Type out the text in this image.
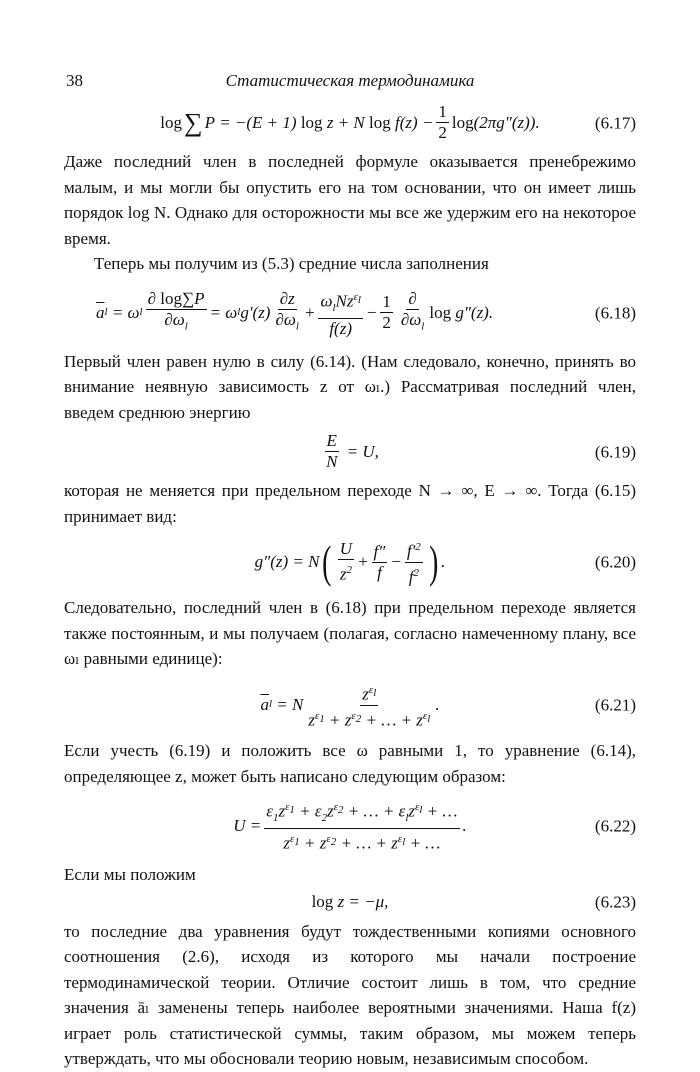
38	Статистическая термодинамика
log ∑ P = −(E + 1) log z + N $\log f(z) - \frac{1}{2}$ log (2πg″(z)).	(6.17)

Даже последний член в последней формуле оказывается пренебрежимо малым, и мы могли бы опустить его на том основании, что он имеет лишь порядок log N. Однако для осторожности мы все же удержим его на некоторое время.

Теперь мы получим из (5.3) средние числа заполнения

$\overline{a}$ l = ω l $\frac{\partial \log\sum P}{\partial\omega_l} = \omega$ l $g'(z) \frac{\partial z}{\partial\omega_l} + \frac{\omega_lNz^{\varepsilon_l}}{f(z)} - \frac{1}{2} \frac{\partial}{\partial\omega_l}$ log g″(z).	(6.18)

Первый член равен нулю в силу (6.14). (Нам следовало, конечно, принять во внимание неявную зависимость z от ωₗ.) Рассматривая последний член, введем среднюю энергию

$\frac{E}{N} = U$,	(6.19)

которая не меняется при предельном переходе N → ∞, E → ∞. Тогда (6.15) принимает вид:

g″(z) = N ( $\frac{U}{z^2} + \frac{f''}{f} - \frac{f'^2}{f^2}$ ) .	(6.20)

Следовательно, последний член в (6.18) при предельном переходе является также постоянным, и мы получаем (полагая, согласно намеченному плану, все ωₗ равными единице):

$\overline{a}$ l = N $\frac{z^{\varepsilon_l}}{z^{\varepsilon_1} + z^{\varepsilon_2} + \dots + z^{\varepsilon_l}}$ .	(6.21)

Если учесть (6.19) и положить все ω равными 1, то уравнение (6.14), определяющее z, может быть написано следующим образом:

$U = \frac{\varepsilon_1z^{\varepsilon_1} + \varepsilon_2z^{\varepsilon_2} + \dots + \varepsilon_lz^{\varepsilon_l} + \dots}{z^{\varepsilon_1} + z^{\varepsilon_2} + \dots + z^{\varepsilon_l} + \dots}$ .	(6.22)

Если мы положим

log z = −μ,	(6.23)

то последние два уравнения будут тождественными копиями основного соотношения (2.6), исходя из которого мы начали построение термодинамической теории. Отличие состоит лишь в том, что средние значения āₗ заменены теперь наиболее вероятными значениями. Наша f(z) играет роль статистической суммы, таким образом, мы можем теперь утверждать, что мы обосновали теорию новым, независимым способом.
